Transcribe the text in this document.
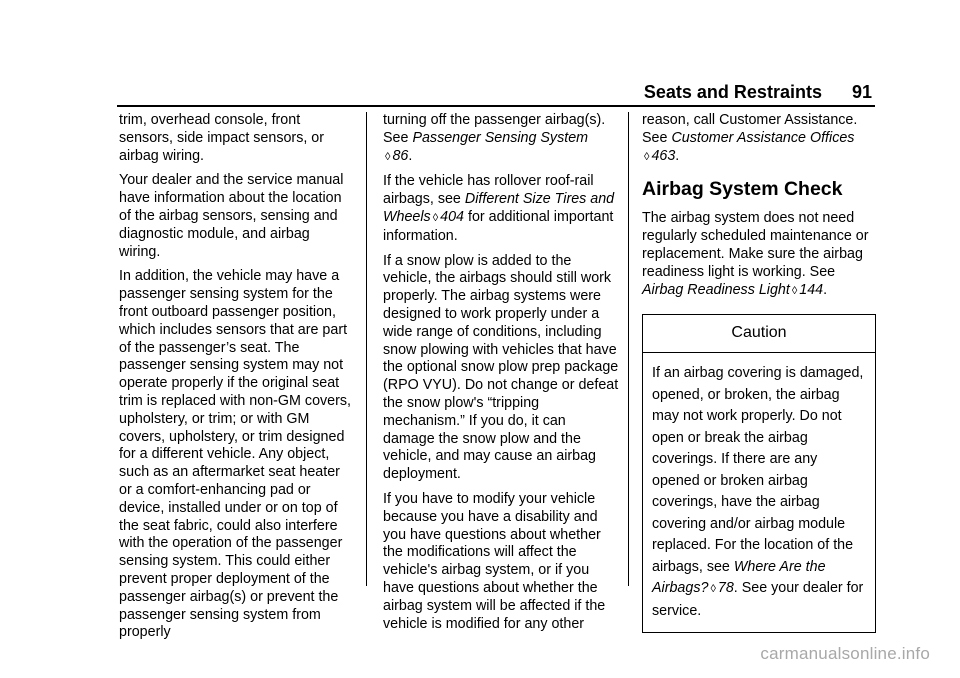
Seats and Restraints 91

trim, overhead console, front sensors, side impact sensors, or airbag wiring.

Your dealer and the service manual have information about the location of the airbag sensors, sensing and diagnostic module, and airbag wiring.

In addition, the vehicle may have a passenger sensing system for the front outboard passenger position, which includes sensors that are part of the passenger’s seat. The passenger sensing system may not operate properly if the original seat trim is replaced with non-GM covers, upholstery, or trim; or with GM covers, upholstery, or trim designed for a different vehicle. Any object, such as an aftermarket seat heater or a comfort-enhancing pad or device, installed under or on top of the seat fabric, could also interfere with the operation of the passenger sensing system. This could either prevent proper deployment of the passenger airbag(s) or prevent the passenger sensing system from properly

turning off the passenger airbag(s). See Passenger Sensing System
◊ 86.

If the vehicle has rollover roof-rail airbags, see Different Size Tires and Wheels ◊ 404 for additional important information.

If a snow plow is added to the vehicle, the airbags should still work properly. The airbag systems were designed to work properly under a wide range of conditions, including snow plowing with vehicles that have the optional snow plow prep package (RPO VYU). Do not change or defeat the snow plow's “tripping mechanism.” If you do, it can damage the snow plow and the vehicle, and may cause an airbag deployment.

If you have to modify your vehicle because you have a disability and you have questions about whether the modifications will affect the vehicle's airbag system, or if you have questions about whether the airbag system will be affected if the vehicle is modified for any other

reason, call Customer Assistance. See Customer Assistance Offices
◊ 463.

Airbag System Check

The airbag system does not need regularly scheduled maintenance or replacement. Make sure the airbag readiness light is working. See
Airbag Readiness Light ◊ 144.

Caution
If an airbag covering is damaged, opened, or broken, the airbag may not work properly. Do not open or break the airbag coverings. If there are any opened or broken airbag coverings, have the airbag covering and/or airbag module replaced. For the location of the airbags, see Where Are the Airbags? ◊ 78. See your dealer for service.
carmanualsonline.info
